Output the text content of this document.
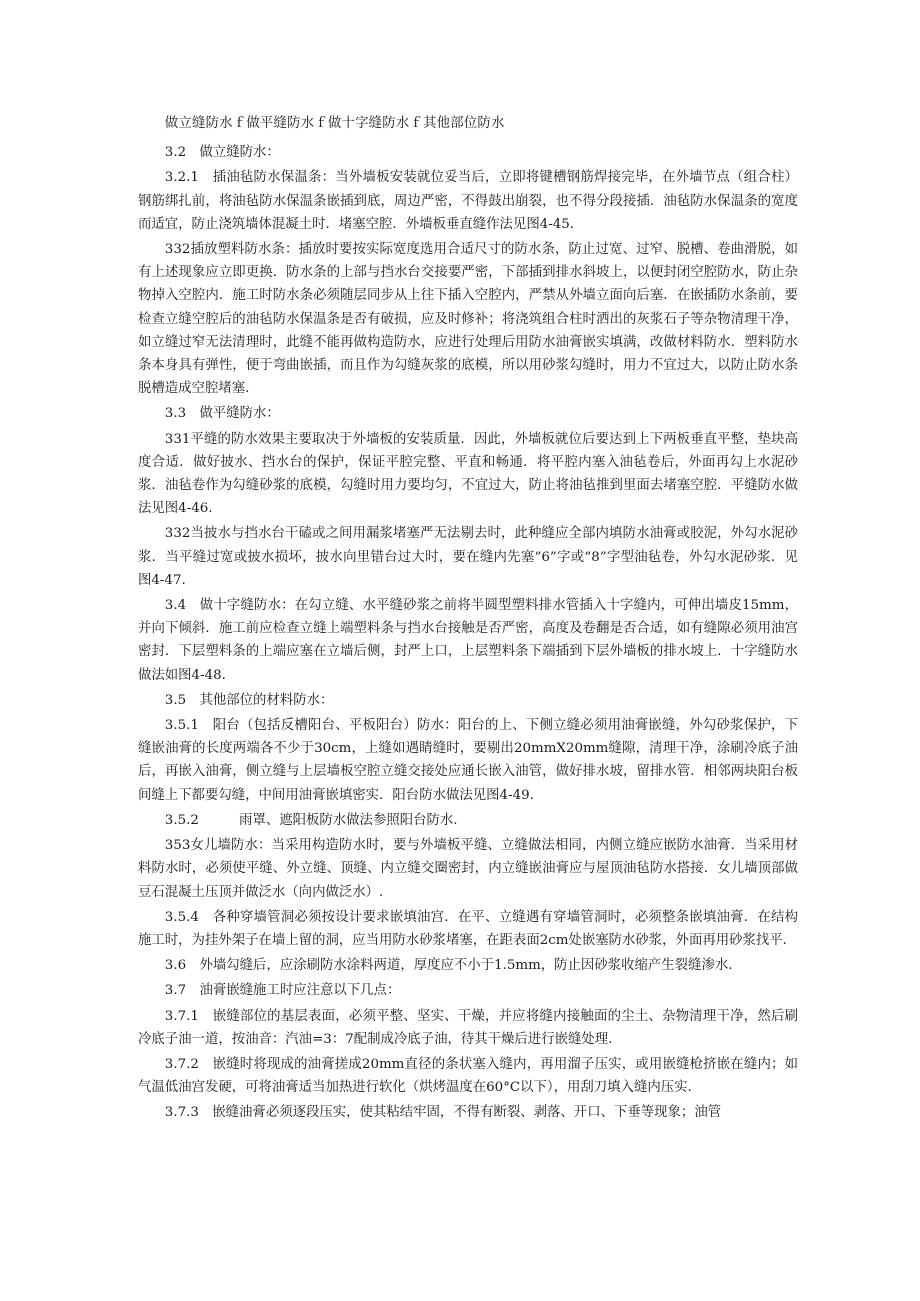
做立缝防水ｆ做平缝防水ｆ做十字缝防水ｆ其他部位防水

3.2　做立缝防水：

3.2.1　插油毡防水保温条：当外墙板安装就位妥当后，立即将键槽钢筋焊接完毕，在外墙节点（组合柱）钢筋绑扎前，将油毡防水保温条嵌插到底，周边严密，不得鼓出崩裂，也不得分段接插．油毡防水保温条的宽度而适宜，防止浇筑墙体混凝土时．堵塞空腔．外墙板垂直缝作法见图4-45.

332插放塑料防水条：插放时要按实际宽度选用合适尺寸的防水条，防止过宽、过窄、脱槽、卷曲滑脱，如有上述现象应立即更换．防水条的上部与挡水台交接要严密，下部插到排水斜坡上，以便封闭空腔防水，防止杂物掉入空腔内．施工时防水条必须随层同步从上往下插入空腔内，严禁从外墙立面向后塞．在嵌插防水条前，要检查立缝空腔后的油毡防水保温条是否有破损，应及时修补；将浇筑组合柱时洒出的灰浆石子等杂物清理干净，如立缝过窄无法清理时，此缝不能再做构造防水，应进行处理后用防水油膏嵌实填满，改做材料防水．塑料防水条本身具有弹性，便于弯曲嵌插，而且作为勾缝灰浆的底模，所以用砂浆勾缝时，用力不宜过大，以防止防水条脱槽造成空腔堵塞.

3.3　做平缝防水：

331平缝的防水效果主要取决于外墙板的安装质量．因此，外墙板就位后要达到上下两板垂直平整，垫块高度合适．做好披水、挡水台的保护，保证平腔完整、平直和畅通．将平腔内塞入油毡卷后，外面再勾上水泥砂浆．油毡卷作为勾缝砂浆的底模，勾缝时用力要均匀，不宜过大，防止将油毡推到里面去堵塞空腔．平缝防水做法见图4-46.

332当披水与挡水台干磕或之间用漏浆堵塞严无法剔去时，此种缝应全部内填防水油膏或胶泥，外勾水泥砂浆．当平缝过宽或披水损坏，披水向里错台过大时，要在缝内先塞“6”字或“8”字型油毡卷，外勾水泥砂浆．见图4-47.

3.4　做十字缝防水：在勾立缝、水平缝砂浆之前将半圆型塑料排水管插入十字缝内，可伸出墙皮15mm，并向下倾斜．施工前应检查立缝上端塑料条与挡水台接触是否严密，高度及卷翻是否合适，如有缝隙必须用油宫密封．下层塑料条的上端应塞在立墙后侧，封严上口，上层塑料条下端插到下层外墙板的排水坡上．十字缝防水做法如图4-48.

3.5　其他部位的材料防水：

3.5.1　阳台（包括反槽阳台、平板阳台）防水：阳台的上、下侧立缝必须用油膏嵌缝，外勾砂浆保护，下缝嵌油膏的长度两端各不少于30cm，上缝如遇睛缝时，要剔出20mmX20mm缝隙，清理干净，涂刷冷底子油后，再嵌入油膏，侧立缝与上层墙板空腔立缝交接处应通长嵌入油管，做好排水坡，留排水管．相邻两块阳台板间缝上下都要勾缝，中间用油膏嵌填密实．阳台防水做法见图4-49.

3.5.2　　　雨罩、遮阳板防水做法参照阳台防水.

353女儿墙防水：当采用构造防水时，要与外墙板平缝、立缝做法相同，内侧立缝应嵌防水油膏．当采用材料防水时，必须使平缝、外立缝、顶缝、内立缝交圈密封，内立缝嵌油膏应与屋顶油毡防水搭接．女儿墙顶部做豆石混凝土压顶并做泛水（向内做泛水）.

3.5.4　各种穿墙管洞必须按设计要求嵌填油宫．在平、立缝遇有穿墙管洞时，必须整条嵌填油膏．在结构施工时，为挂外架子在墙上留的洞，应当用防水砂浆堵塞，在距表面2cm处嵌塞防水砂浆，外面再用砂浆找平.

3.6　外墙勾缝后，应涂刷防水涂料两道，厚度应不小于1.5mm，防止因砂浆收缩产生裂缝渗水.

3.7　油膏嵌缝施工时应注意以下几点：

3.7.1　嵌缝部位的基层表面，必须平整、坚实、干燥，并应将缝内接触面的尘土、杂物清理干净，然后刷冷底子油一道，按油音：汽油=3：7配制成冷底子油，待其干燥后进行嵌缝处理.

3.7.2　嵌缝时将现成的油膏搓成20mm直径的条状塞入缝内，再用溜子压实，或用嵌缝枪挤嵌在缝内；如气温低油宫发硬，可将油膏适当加热进行软化（烘烤温度在60°C以下），用刮刀填入缝内压实.

3.7.3　嵌缝油膏必须逐段压实，使其粘结牢固，不得有断裂、剥落、开口、下垂等现象；油管
